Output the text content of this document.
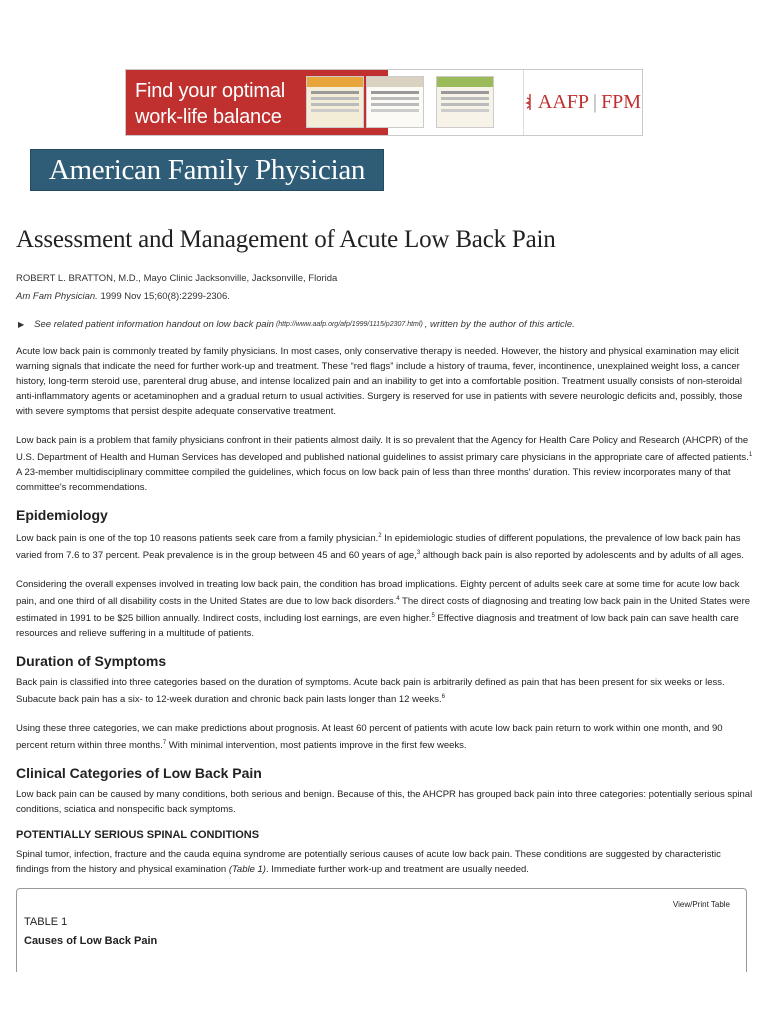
Find your optimal
work-life balance
AAFP | FPM
American Family Physician
Assessment and Management of Acute Low Back Pain
ROBERT L. BRATTON, M.D., Mayo Clinic Jacksonville, Jacksonville, Florida
Am Fam Physician. 1999 Nov 15;60(8):2299-2306.
▶ See related patient information handout on low back pain (http://www.aafp.org/afp/1999/1115/p2307.html) , written by the author of this article.

Acute low back pain is commonly treated by family physicians. In most cases, only conservative therapy is needed. However, the history and physical examination may elicit warning signals that indicate the need for further work-up and treatment. These “red flags” include a history of trauma, fever, incontinence, unexplained weight loss, a cancer history, long-term steroid use, parenteral drug abuse, and intense localized pain and an inability to get into a comfortable position. Treatment usually consists of non-steroidal anti-inflammatory agents or acetaminophen and a gradual return to usual activities. Surgery is reserved for use in patients with severe neurologic deficits and, possibly, those with severe symptoms that persist despite adequate conservative treatment.

Low back pain is a problem that family physicians confront in their patients almost daily. It is so prevalent that the Agency for Health Care Policy and Research (AHCPR) of the U.S. Department of Health and Human Services has developed and published national guidelines to assist primary care physicians in the appropriate care of affected patients.$^1$ A 23-member multidisciplinary committee compiled the guidelines, which focus on low back pain of less than three months' duration. This review incorporates many of that committee's recommendations.

Epidemiology

Low back pain is one of the top 10 reasons patients seek care from a family physician.$^2$ In epidemiologic studies of different populations, the prevalence of low back pain has varied from 7.6 to 37 percent. Peak prevalence is in the group between 45 and 60 years of age,$^3$ although back pain is also reported by adolescents and by adults of all ages.

Considering the overall expenses involved in treating low back pain, the condition has broad implications. Eighty percent of adults seek care at some time for acute low back pain, and one third of all disability costs in the United States are due to low back disorders.$^4$ The direct costs of diagnosing and treating low back pain in the United States were estimated in 1991 to be $25 billion annually. Indirect costs, including lost earnings, are even higher.$^5$ Effective diagnosis and treatment of low back pain can save health care resources and relieve suffering in a multitude of patients.

Duration of Symptoms

Back pain is classified into three categories based on the duration of symptoms. Acute back pain is arbitrarily defined as pain that has been present for six weeks or less. Subacute back pain has a six- to 12-week duration and chronic back pain lasts longer than 12 weeks.$^6$

Using these three categories, we can make predictions about prognosis. At least 60 percent of patients with acute low back pain return to work within one month, and 90 percent return within three months.$^7$ With minimal intervention, most patients improve in the first few weeks.

Clinical Categories of Low Back Pain

Low back pain can be caused by many conditions, both serious and benign. Because of this, the AHCPR has grouped back pain into three categories: potentially serious spinal conditions, sciatica and nonspecific back symptoms.

POTENTIALLY SERIOUS SPINAL CONDITIONS

Spinal tumor, infection, fracture and the cauda equina syndrome are potentially serious causes of acute low back pain. These conditions are suggested by characteristic findings from the history and physical examination (Table 1). Immediate further work-up and treatment are usually needed.

View/Print Table
TABLE 1
Causes of Low Back Pain
